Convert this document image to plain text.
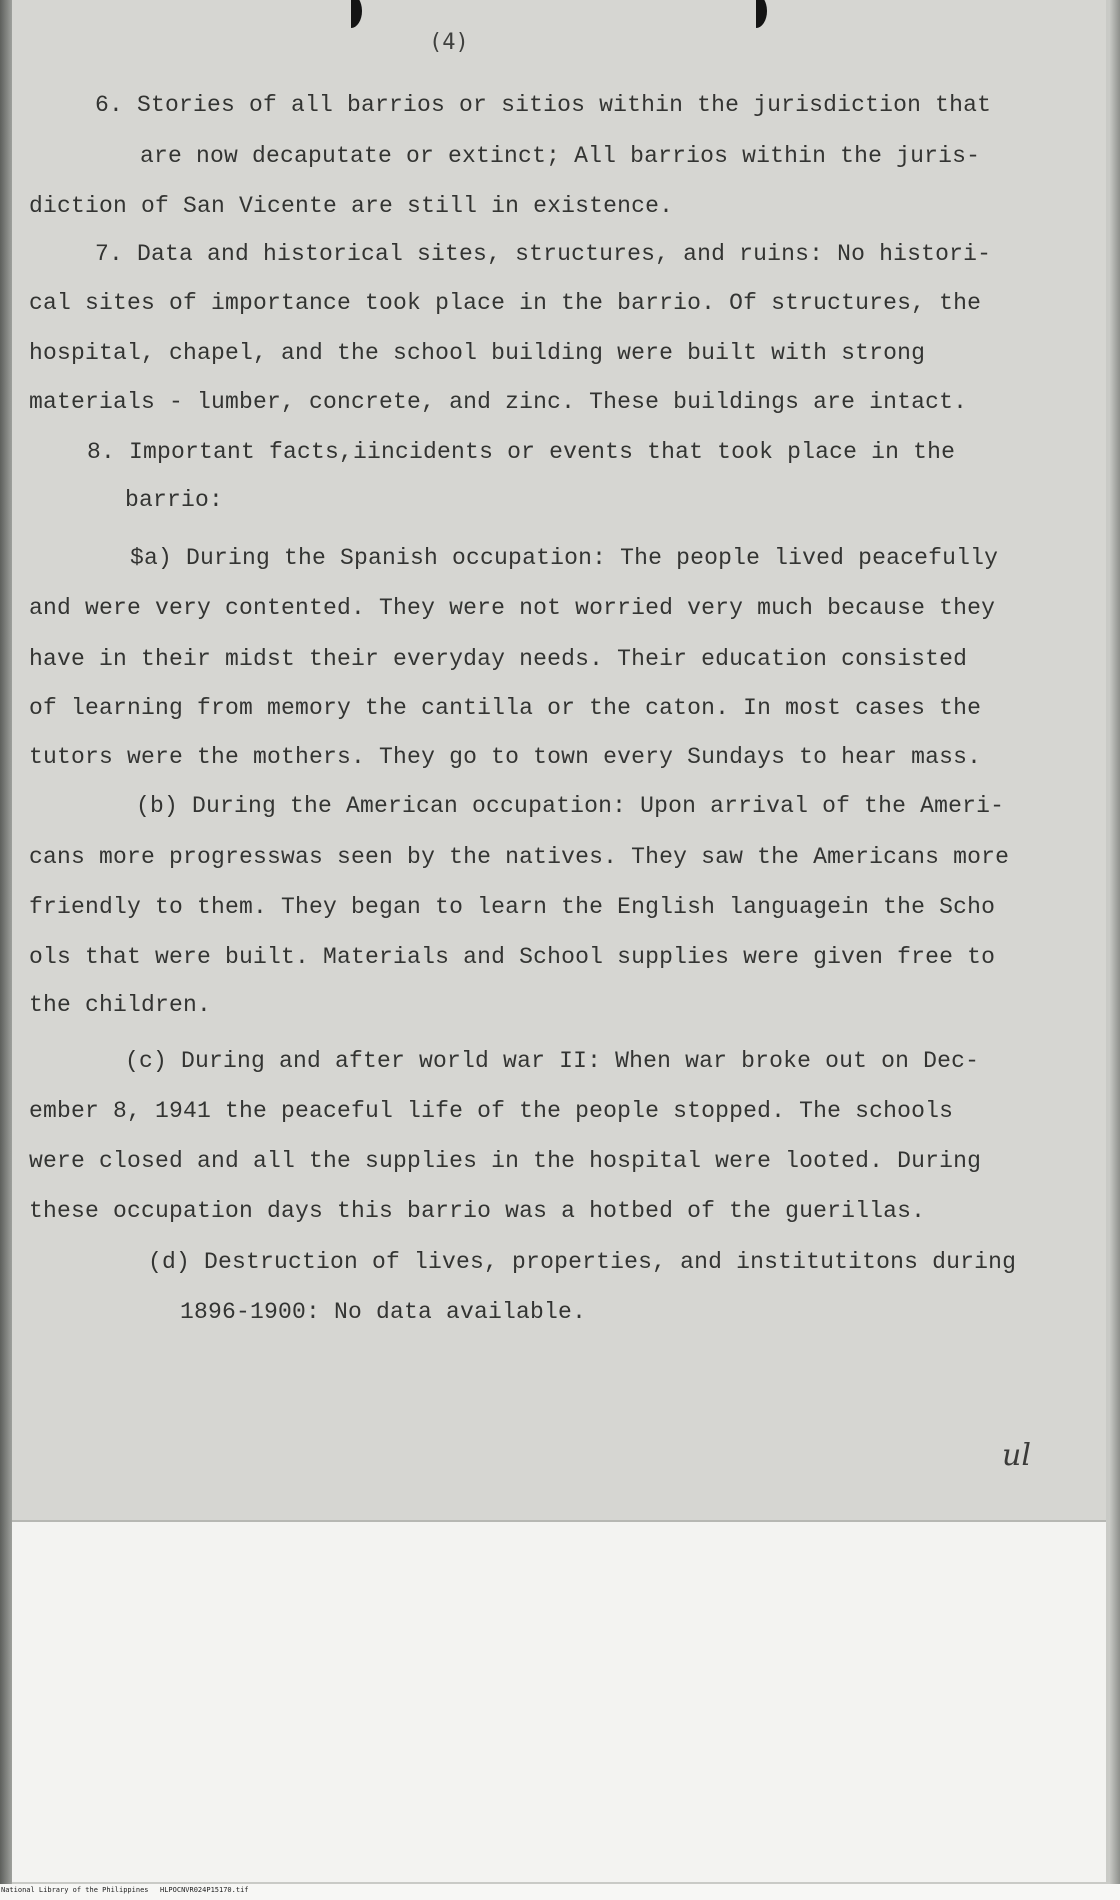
(4)

6. Stories of all barrios or sitios within the jurisdiction that

are now decaputate or extinct; All barrios within the juris-

diction of San Vicente are still in existence.

7. Data and historical sites, structures, and ruins: No histori-

cal sites of importance took place in the barrio. Of structures, the

hospital, chapel, and the school building were built with strong

materials - lumber, concrete, and zinc. These buildings are intact.

8. Important facts,iincidents or events that took place in the

barrio:

$a) During the Spanish occupation: The people lived peacefully

and were very contented. They were not worried very much because they

have in their midst their everyday needs. Their education consisted

of learning from memory the cantilla or the caton. In most cases the

tutors were the mothers. They go to town every Sundays to hear mass.

(b) During the American occupation: Upon arrival of the Ameri-

cans more progresswas seen by the natives. They saw the Americans more

friendly to them. They began to learn the English languagein the Scho

ols that were built. Materials and School supplies were given free to

the children.

(c) During and after world war II: When war broke out on Dec-

ember 8, 1941 the peaceful life of the people stopped. The schools

were closed and all the supplies in the hospital were looted. During

these occupation days this barrio was a hotbed of the guerillas.

(d) Destruction of lives, properties, and institutitons during

1896-1900: No data available.

ul
National Library of the Philippines HLPOCNVR024P15170.tif
